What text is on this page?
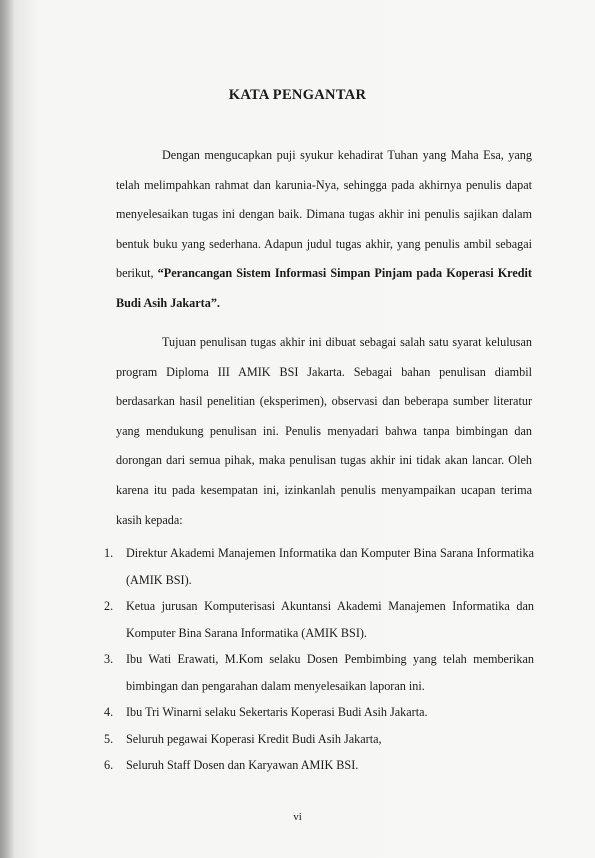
KATA PENGANTAR

Dengan mengucapkan puji syukur kehadirat Tuhan yang Maha Esa, yang telah melimpahkan rahmat dan karunia-Nya, sehingga pada akhirnya penulis dapat menyelesaikan tugas ini dengan baik. Dimana tugas akhir ini penulis sajikan dalam bentuk buku yang sederhana. Adapun judul tugas akhir, yang penulis ambil sebagai berikut, “Perancangan Sistem Informasi Simpan Pinjam pada Koperasi Kredit Budi Asih Jakarta”.

Tujuan penulisan tugas akhir ini dibuat sebagai salah satu syarat kelulusan program Diploma III AMIK BSI Jakarta. Sebagai bahan penulisan diambil berdasarkan hasil penelitian (eksperimen), observasi dan beberapa sumber literatur yang mendukung penulisan ini. Penulis menyadari bahwa tanpa bimbingan dan dorongan dari semua pihak, maka penulisan tugas akhir ini tidak akan lancar. Oleh karena itu pada kesempatan ini, izinkanlah penulis menyampaikan ucapan terima kasih kepada:

1. Direktur Akademi Manajemen Informatika dan Komputer Bina Sarana Informatika (AMIK BSI).
2. Ketua jurusan Komputerisasi Akuntansi Akademi Manajemen Informatika dan Komputer Bina Sarana Informatika (AMIK BSI).
3. Ibu Wati Erawati, M.Kom selaku Dosen Pembimbing yang telah memberikan bimbingan dan pengarahan dalam menyelesaikan laporan ini.
4. Ibu Tri Winarni selaku Sekertaris Koperasi Budi Asih Jakarta.
5. Seluruh pegawai Koperasi Kredit Budi Asih Jakarta,
6. Seluruh Staff Dosen dan Karyawan AMIK BSI.
vi
